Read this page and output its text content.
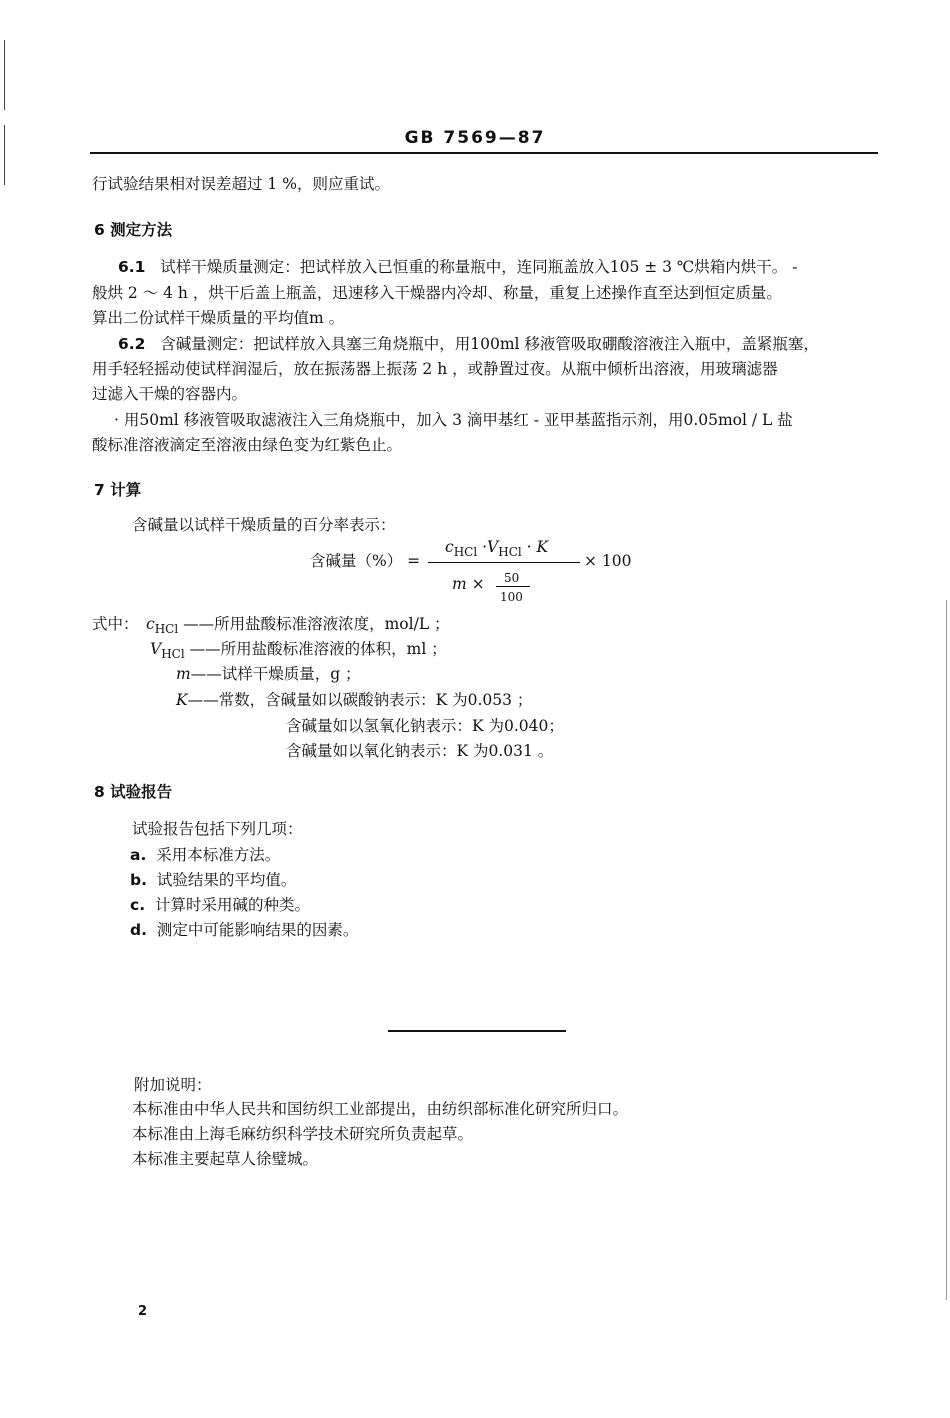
GB 7569—87
行试验结果相对误差超过 1 %，则应重试。
6 测定方法
6.1 试样干燥质量测定：把试样放入已恒重的称量瓶中，连同瓶盖放入105 ± 3 ℃烘箱内烘干。 -
般烘 2 ～ 4 h ，烘干后盖上瓶盖，迅速移入干燥器内冷却、称量，重复上述操作直至达到恒定质量。
算出二份试样干燥质量的平均值m 。
6.2 含碱量测定：把试样放入具塞三角烧瓶中，用100ml 移液管吸取硼酸溶液注入瓶中，盖紧瓶塞，
用手轻轻摇动使试样润湿后，放在振荡器上振荡 2 h ，或静置过夜。从瓶中倾析出溶液，用玻璃滤器
过滤入干燥的容器内。
· 用50ml 移液管吸取滤液注入三角烧瓶中，加入 3 滴甲基红 - 亚甲基蓝指示剂，用0.05mol / L 盐
酸标准溶液滴定至溶液由绿色变为红紫色止。
7 计算
含碱量以试样干燥质量的百分率表示：
含碱量（%） =
$c_{HCl} \cdot V_{HCl} \cdot K$
× 100
m × 50
100
式中： $c_{HCl}$ ——所用盐酸标准溶液浓度，mol/L ；
$V_{HCl}$ ——所用盐酸标准溶液的体积，ml ；
m——试样干燥质量，g ；
K——常数，含碱量如以碳酸钠表示：K 为0.053 ；
含碱量如以氢氧化钠表示：K 为0.040；
含碱量如以氧化钠表示：K 为0.031 。
8 试验报告
试验报告包括下列几项：
a. 采用本标准方法。
b. 试验结果的平均值。
c. 计算时采用碱的种类。
d. 测定中可能影响结果的因素。
附加说明：
本标准由中华人民共和国纺织工业部提出，由纺织部标准化研究所归口。
本标准由上海毛麻纺织科学技术研究所负责起草。
本标准主要起草人徐璧城。
2
